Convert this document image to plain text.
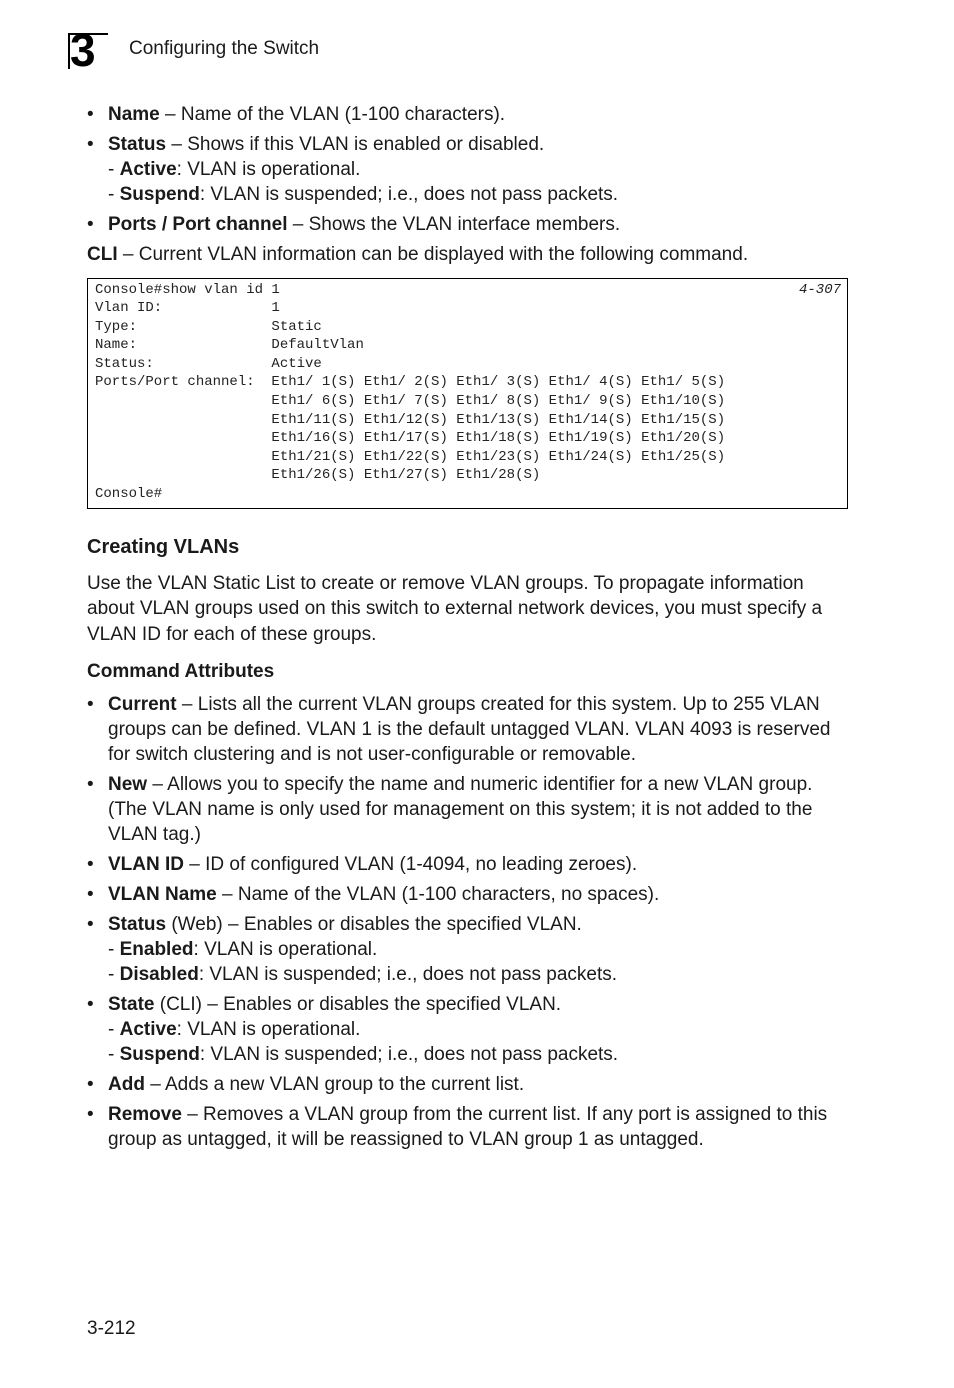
3 Configuring the Switch
• Name – Name of the VLAN (1-100 characters).
• Status – Shows if this VLAN is enabled or disabled.
- Active: VLAN is operational.
- Suspend: VLAN is suspended; i.e., does not pass packets.
• Ports / Port channel – Shows the VLAN interface members.

CLI – Current VLAN information can be displayed with the following command.

4-307
Console#show vlan id 1
Vlan ID:             1
Type:                Static
Name:                DefaultVlan
Status:              Active
Ports/Port channel:  Eth1/ 1(S) Eth1/ 2(S) Eth1/ 3(S) Eth1/ 4(S) Eth1/ 5(S)
Eth1/ 6(S) Eth1/ 7(S) Eth1/ 8(S) Eth1/ 9(S) Eth1/10(S)
Eth1/11(S) Eth1/12(S) Eth1/13(S) Eth1/14(S) Eth1/15(S)
Eth1/16(S) Eth1/17(S) Eth1/18(S) Eth1/19(S) Eth1/20(S)
Eth1/21(S) Eth1/22(S) Eth1/23(S) Eth1/24(S) Eth1/25(S)
Eth1/26(S) Eth1/27(S) Eth1/28(S)
Console#
Creating VLANs

Use the VLAN Static List to create or remove VLAN groups. To propagate information about VLAN groups used on this switch to external network devices, you must specify a VLAN ID for each of these groups.

Command Attributes
• Current – Lists all the current VLAN groups created for this system. Up to 255 VLAN groups can be defined. VLAN 1 is the default untagged VLAN. VLAN 4093 is reserved for switch clustering and is not user-configurable or removable.
• New – Allows you to specify the name and numeric identifier for a new VLAN group. (The VLAN name is only used for management on this system; it is not added to the VLAN tag.)
• VLAN ID – ID of configured VLAN (1-4094, no leading zeroes).
• VLAN Name – Name of the VLAN (1-100 characters, no spaces).
• Status (Web) – Enables or disables the specified VLAN.
- Enabled: VLAN is operational.
- Disabled: VLAN is suspended; i.e., does not pass packets.
• State (CLI) – Enables or disables the specified VLAN.
- Active: VLAN is operational.
- Suspend: VLAN is suspended; i.e., does not pass packets.
• Add – Adds a new VLAN group to the current list.
• Remove – Removes a VLAN group from the current list. If any port is assigned to this group as untagged, it will be reassigned to VLAN group 1 as untagged.
3-212
